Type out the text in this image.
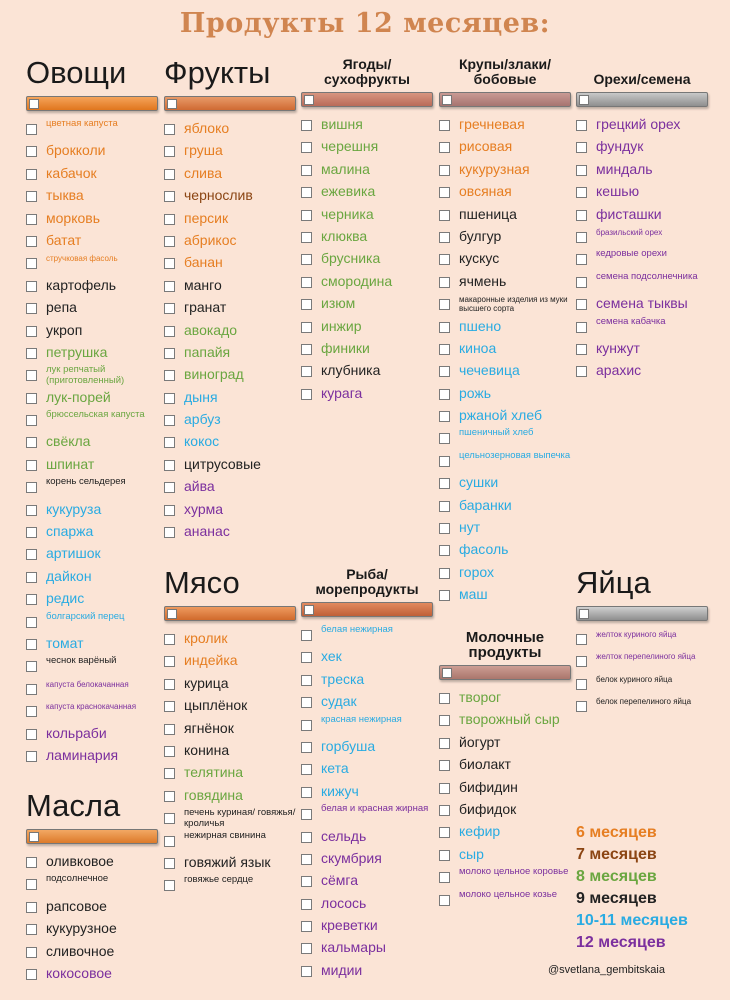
Продукты 12 месяцев:
Овощи
цветная капуста
брокколи
кабачок
тыква
морковь
батат
стручковая фасоль
картофель
репа
укроп
петрушка
лук репчатый (приготовленный)
лук-порей
брюссельская капуста
свёкла
шпинат
корень сельдерея
кукуруза
спаржа
артишок
дайкон
редис
болгарский перец
томат
чеснок варёный
капуста белокачанная
капуста краснокачанная
кольраби
ламинария
Фрукты
яблоко
груша
слива
чернослив
персик
абрикос
банан
манго
гранат
авокадо
папайя
виноград
дыня
арбуз
кокос
цитрусовые
айва
хурма
ананас
Ягоды/ сухофрукты
вишня
черешня
малина
ежевика
черника
клюква
брусника
смородина
изюм
инжир
финики
клубника
курага
Крупы/злаки/ бобовые
гречневая
рисовая
кукурузная
овсяная
пшеница
булгур
кускус
ячмень
макаронные изделия из муки высшего сорта
пшено
киноа
чечевица
рожь
ржаной хлеб
пшеничный хлеб
цельнозерновая выпечка
сушки
баранки
нут
фасоль
горох
маш
Орехи/семена
грецкий орех
фундук
миндаль
кешью
фисташки
бразильский орех
кедровые орехи
семена подсолнечника
семена тыквы
семена кабачка
кунжут
арахис
Мясо
кролик
индейка
курица
цыплёнок
ягнёнок
конина
телятина
говядина
печень куриная/ говяжья/кроличья
нежирная свинина
говяжий язык
говяжье сердце
Рыба/ морепродукты
белая нежирная
хек
треска
судак
красная нежирная
горбуша
кета
кижуч
белая и красная жирная
сельдь
скумбрия
сёмга
лосось
креветки
кальмары
мидии
Молочные продукты
творог
творожный сыр
йогурт
биолакт
бифидин
бифидок
кефир
сыр
молоко цельное коровье
молоко цельное козье
Яйца
желток куриного яйца
желток перепелиного яйца
белок куриного яйца
белок перепелиного яйца
Масла
оливковое
подсолнечное
рапсовое
кукурузное
сливочное
кокосовое
6 месяцев
7 месяцев
8 месяцев
9 месяцев
10-11 месяцев
12 месяцев
@svetlana_gembitskaia
